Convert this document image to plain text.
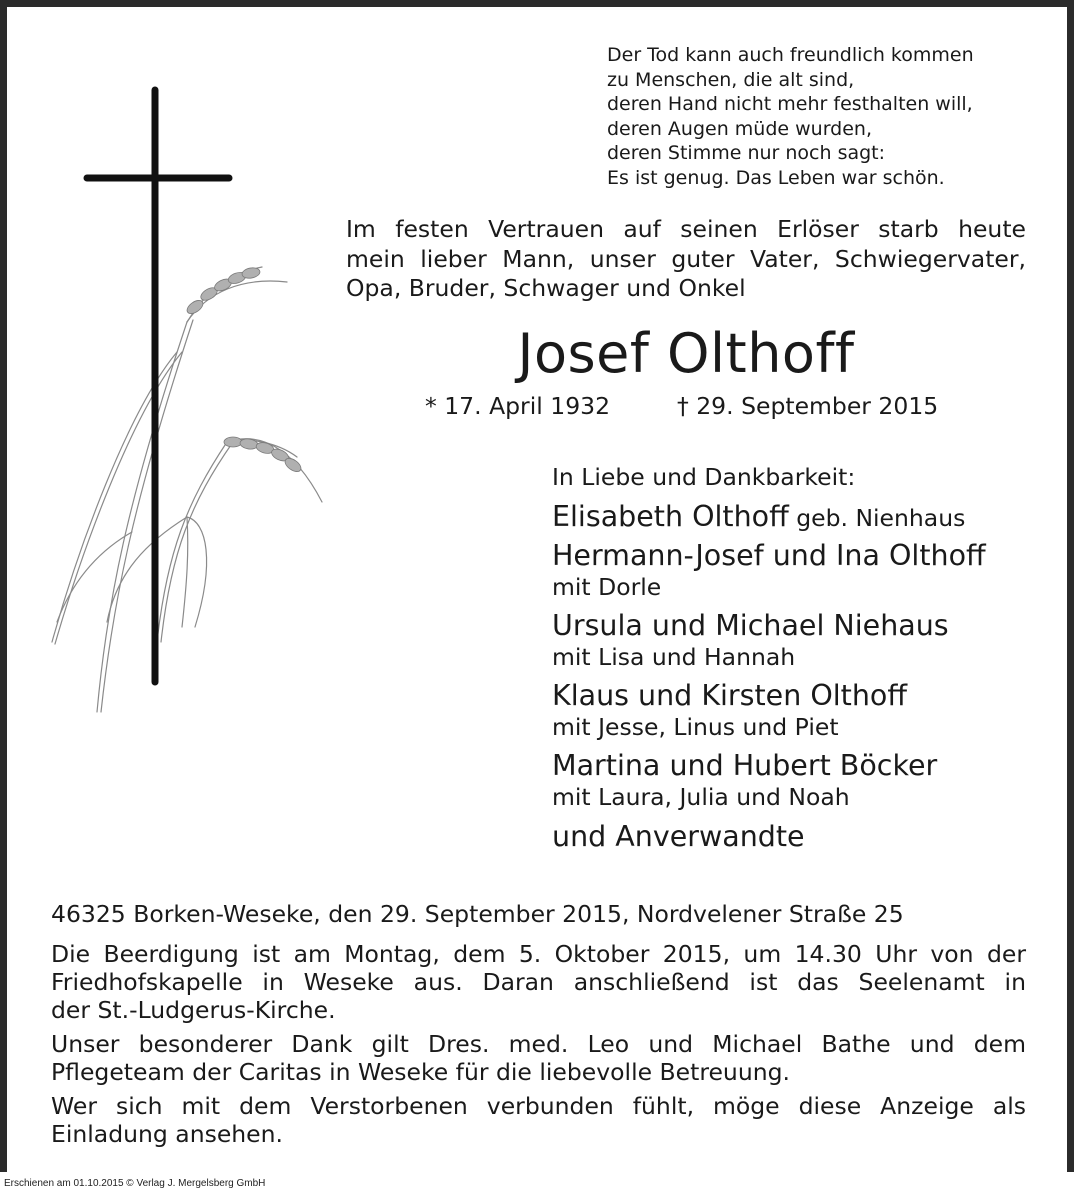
Der Tod kann auch freundlich kommen
zu Menschen, die alt sind,
deren Hand nicht mehr festhalten will,
deren Augen müde wurden,
deren Stimme nur noch sagt:
Es ist genug. Das Leben war schön.
Im festen Vertrauen auf seinen Erlöser starb heute
mein lieber Mann, unser guter Vater, Schwiegervater,
Opa, Bruder, Schwager und Onkel
Josef Olthoff
* 17. April 1932	† 29. September 2015
In Liebe und Dankbarkeit:
Elisabeth Olthoff geb. Nienhaus
Hermann-Josef und Ina Olthoff
mit Dorle
Ursula und Michael Niehaus
mit Lisa und Hannah
Klaus und Kirsten Olthoff
mit Jesse, Linus und Piet
Martina und Hubert Böcker
mit Laura, Julia und Noah
und Anverwandte
46325 Borken-Weseke, den 29. September 2015, Nordvelener Straße 25
Die Beerdigung ist am Montag, dem 5. Oktober 2015, um 14.30 Uhr von der
Friedhofskapelle in Weseke aus. Daran anschließend ist das Seelenamt in
der St.-Ludgerus-Kirche.
Unser besonderer Dank gilt Dres. med. Leo und Michael Bathe und dem
Pflegeteam der Caritas in Weseke für die liebevolle Betreuung.
Wer sich mit dem Verstorbenen verbunden fühlt, möge diese Anzeige als
Einladung ansehen.
Erschienen am 01.10.2015 © Verlag J. Mergelsberg GmbH
